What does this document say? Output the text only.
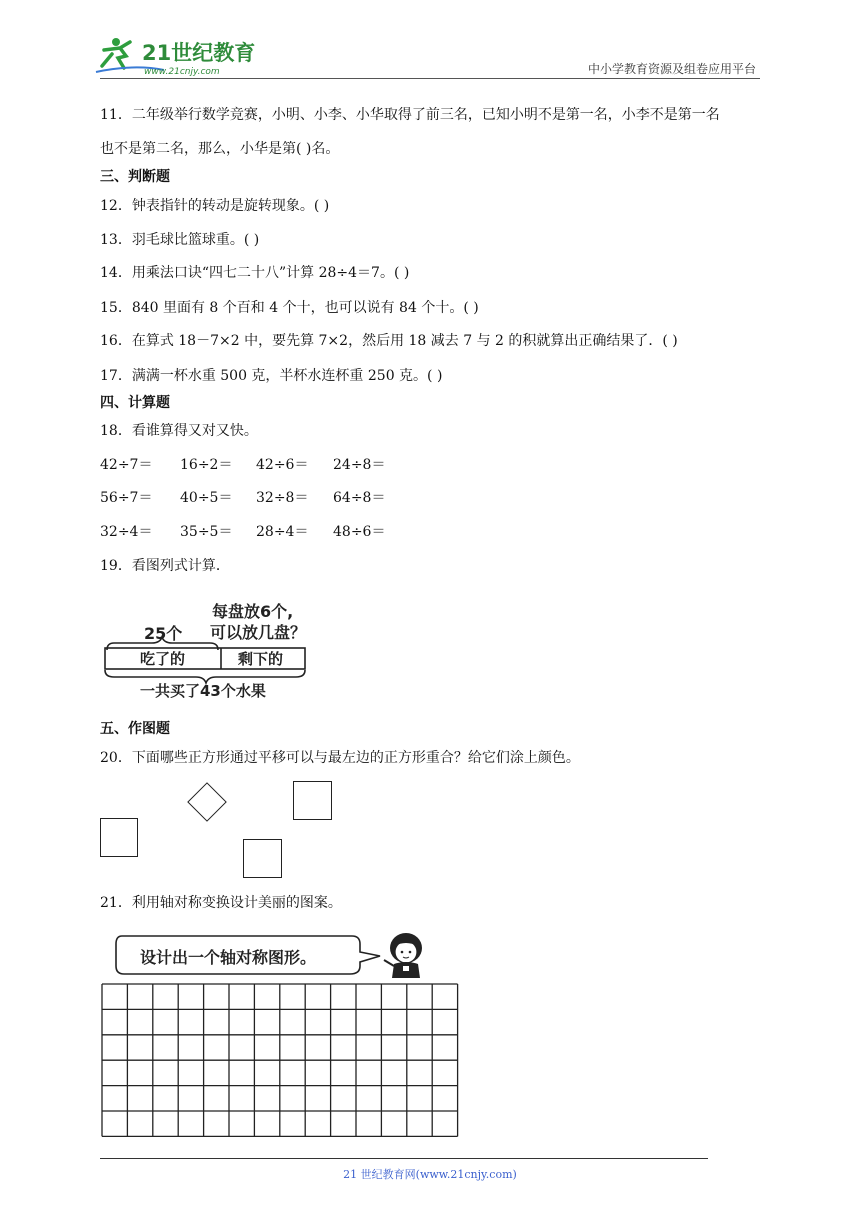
21世纪教育
www.21cnjy.com	中小学教育资源及组卷应用平台
11．二年级举行数学竞赛，小明、小李、小华取得了前三名，已知小明不是第一名，小李不是第一名
也不是第二名，那么，小华是第( )名。
三、判断题
12．钟表指针的转动是旋转现象。( )
13．羽毛球比篮球重。( )
14．用乘法口诀“四七二十八”计算 28÷4＝7。( )
15．840 里面有 8 个百和 4 个十，也可以说有 84 个十。( )
16．在算式 18－7×2 中，要先算 7×2，然后用 18 减去 7 与 2 的积就算出正确结果了．( )
17．满满一杯水重 500 克，半杯水连杯重 250 克。( )
四、计算题
18．看谁算得又对又快。
42÷7＝ 16÷2＝ 42÷6＝ 24÷8＝
56÷7＝ 40÷5＝ 32÷8＝ 64÷8＝
32÷4＝ 35÷5＝ 28÷4＝ 48÷6＝
19．看图列式计算．
每盘放6个,
可以放几盘？
25个
吃了的	剩下的
一共买了43个水果
五、作图题
20．下面哪些正方形通过平移可以与最左边的正方形重合？给它们涂上颜色。
21．利用轴对称变换设计美丽的图案。
设计出一个轴对称图形。
21 世纪教育网(www.21cnjy.com)
